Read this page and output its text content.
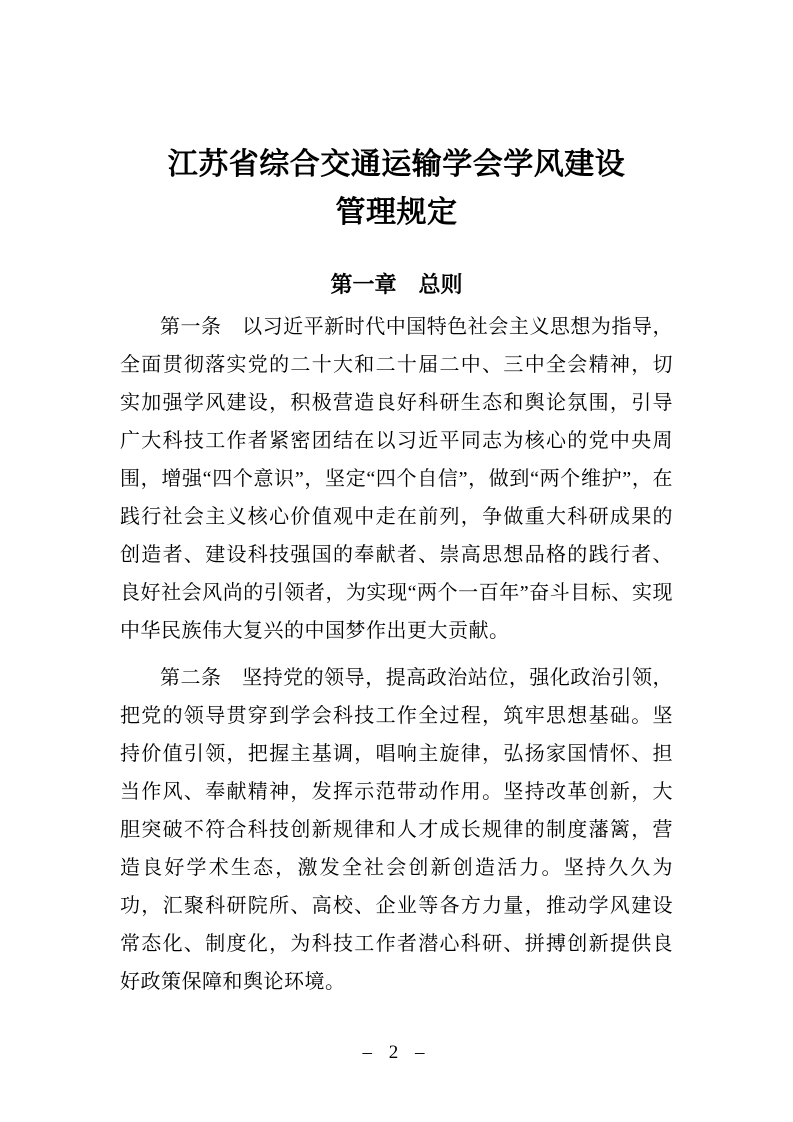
江苏省综合交通运输学会学风建设
管理规定
第一章　总则

第一条　以习近平新时代中国特色社会主义思想为指导，全面贯彻落实党的二十大和二十届二中、三中全会精神，切实加强学风建设，积极营造良好科研生态和舆论氛围，引导广大科技工作者紧密团结在以习近平同志为核心的党中央周围，增强“四个意识”，坚定“四个自信”，做到“两个维护”，在践行社会主义核心价值观中走在前列，争做重大科研成果的创造者、建设科技强国的奉献者、崇高思想品格的践行者、良好社会风尚的引领者，为实现“两个一百年”奋斗目标、实现中华民族伟大复兴的中国梦作出更大贡献。

第二条　坚持党的领导，提高政治站位，强化政治引领，把党的领导贯穿到学会科技工作全过程，筑牢思想基础。坚持价值引领，把握主基调，唱响主旋律，弘扬家国情怀、担当作风、奉献精神，发挥示范带动作用。坚持改革创新，大胆突破不符合科技创新规律和人才成长规律的制度藩篱，营造良好学术生态，激发全社会创新创造活力。坚持久久为功，汇聚科研院所、高校、企业等各方力量，推动学风建设常态化、制度化，为科技工作者潜心科研、拼搏创新提供良好政策保障和舆论环境。

– 2 –
